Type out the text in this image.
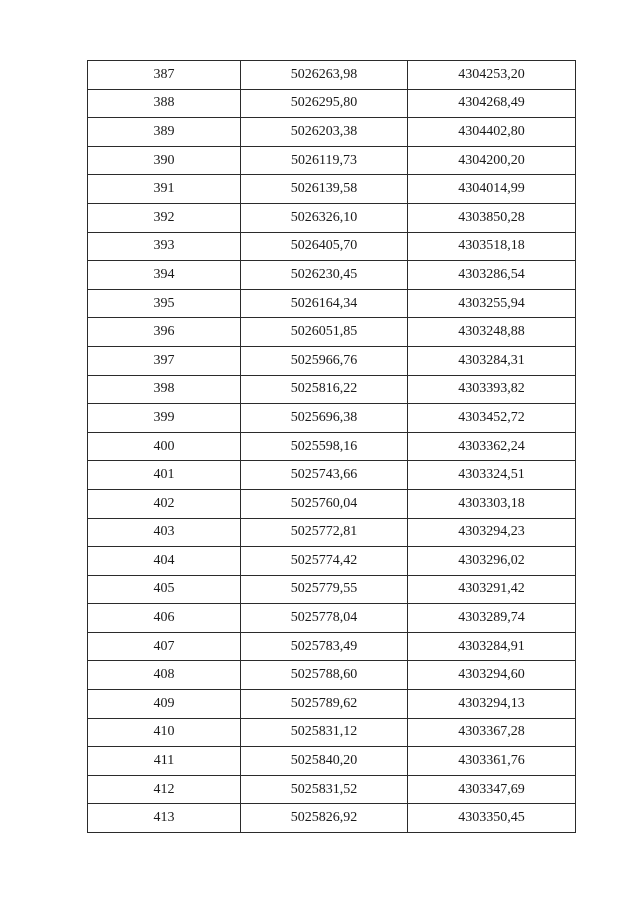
387	5026263,98	4304253,20
388	5026295,80	4304268,49
389	5026203,38	4304402,80
390	5026119,73	4304200,20
391	5026139,58	4304014,99
392	5026326,10	4303850,28
393	5026405,70	4303518,18
394	5026230,45	4303286,54
395	5026164,34	4303255,94
396	5026051,85	4303248,88
397	5025966,76	4303284,31
398	5025816,22	4303393,82
399	5025696,38	4303452,72
400	5025598,16	4303362,24
401	5025743,66	4303324,51
402	5025760,04	4303303,18
403	5025772,81	4303294,23
404	5025774,42	4303296,02
405	5025779,55	4303291,42
406	5025778,04	4303289,74
407	5025783,49	4303284,91
408	5025788,60	4303294,60
409	5025789,62	4303294,13
410	5025831,12	4303367,28
411	5025840,20	4303361,76
412	5025831,52	4303347,69
413	5025826,92	4303350,45
